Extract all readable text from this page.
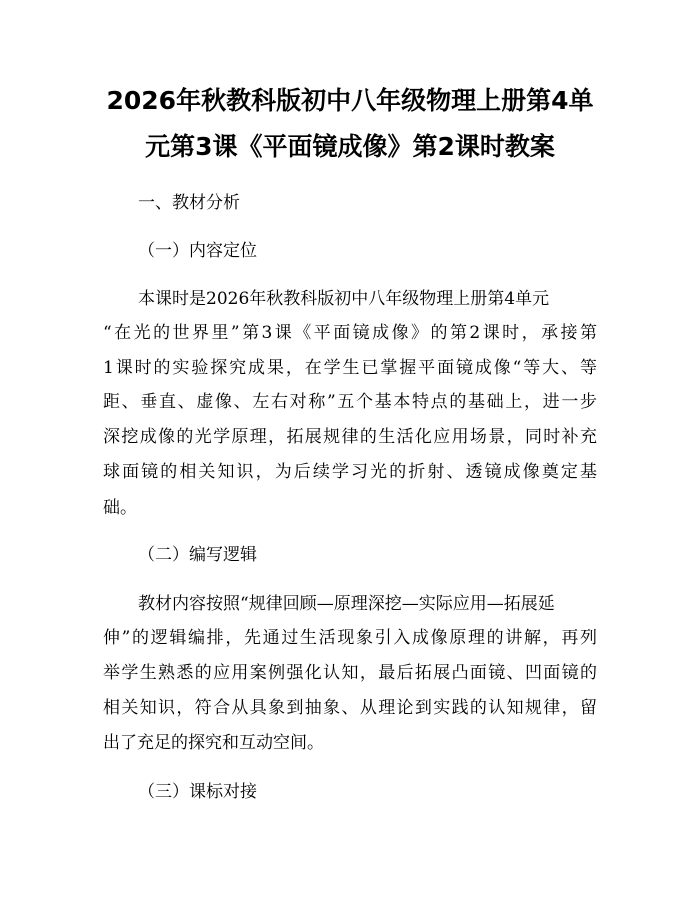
2026年秋教科版初中八年级物理上册第4单
元第3课《平面镜成像》第2课时教案

一、教材分析

（一）内容定位

本课时是2026年秋教科版初中八年级物理上册第4单元

“在光的世界里”第3课《平面镜成像》的第2课时，承接第

1课时的实验探究成果，在学生已掌握平面镜成像“等大、等

距、垂直、虚像、左右对称”五个基本特点的基础上，进一步

深挖成像的光学原理，拓展规律的生活化应用场景，同时补充

球面镜的相关知识，为后续学习光的折射、透镜成像奠定基

础。

（二）编写逻辑

教材内容按照“规律回顾—原理深挖—实际应用—拓展延

伸”的逻辑编排，先通过生活现象引入成像原理的讲解，再列

举学生熟悉的应用案例强化认知，最后拓展凸面镜、凹面镜的

相关知识，符合从具象到抽象、从理论到实践的认知规律，留

出了充足的探究和互动空间。

（三）课标对接
